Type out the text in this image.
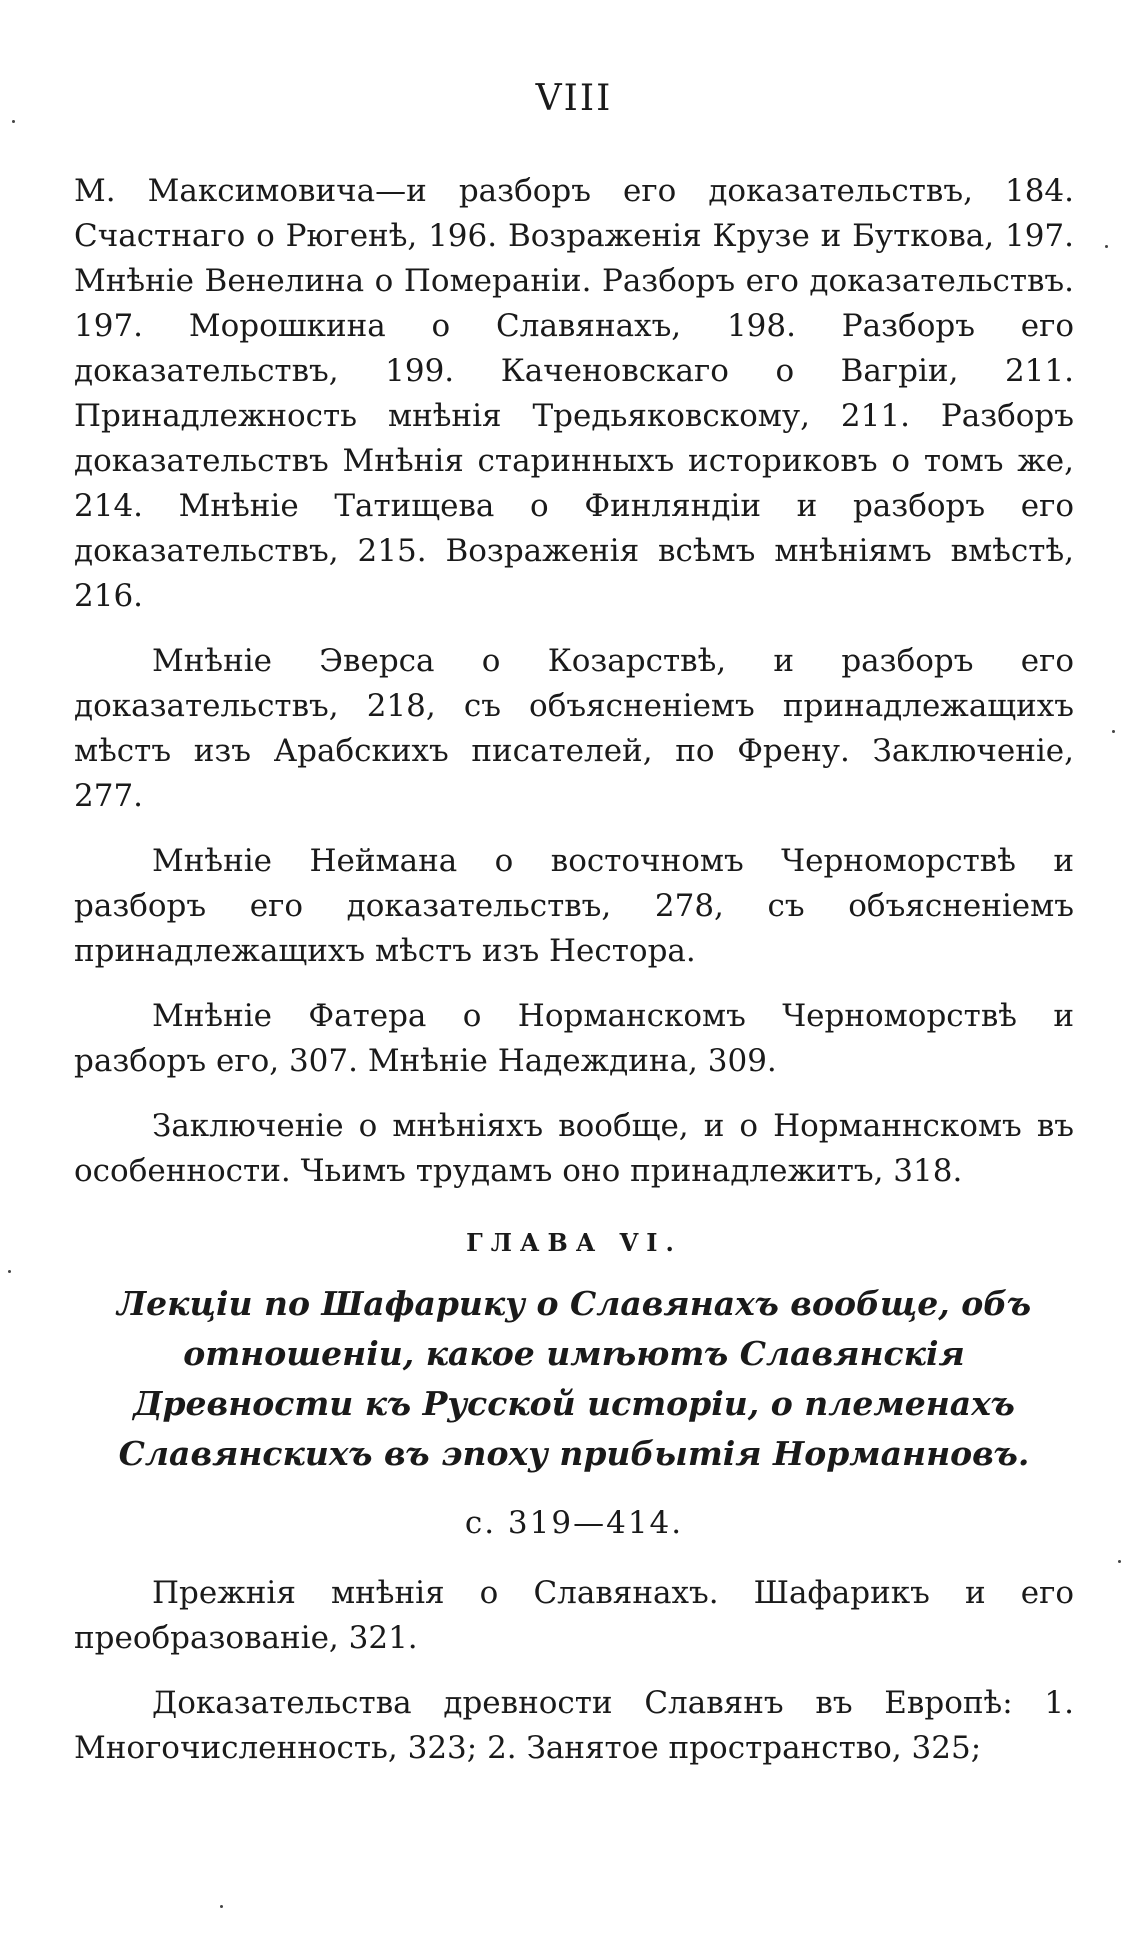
VIII

М. Максимовича—и разборъ его доказательствъ, 184. Счастнаго о Рюгенѣ, 196. Возраженія Крузе и Буткова, 197. Мнѣніе Венелина о Помераніи. Разборъ его доказательствъ. 197. Морошкина о Славянахъ, 198. Разборъ его доказательствъ, 199. Каченовскаго о Вагріи, 211. Принадлежность мнѣнія Тредьяковскому, 211. Разборъ доказательствъ Мнѣнія старинныхъ историковъ о томъ же, 214. Мнѣніе Татищева о Финляндіи и разборъ его доказательствъ, 215. Возраженія всѣмъ мнѣніямъ вмѣстѣ, 216.

Мнѣніе Эверса о Козарствѣ, и разборъ его доказательствъ, 218, съ объясненіемъ принадлежащихъ мѣстъ изъ Арабскихъ писателей, по Френу. Заключеніе, 277.

Мнѣніе Неймана о восточномъ Черноморствѣ и разборъ его доказательствъ, 278, съ объясненіемъ принадлежащихъ мѣстъ изъ Нестора.

Мнѣніе Фатера о Норманскомъ Черноморствѣ и разборъ его, 307. Мнѣніе Надеждина, 309.

Заключеніе о мнѣніяхъ вообще, и о Норманнскомъ въ особенности. Чьимъ трудамъ оно принадлежитъ, 318.

ГЛАВА VI.
Лекціи по Шафарику о Славянахъ вообще, объ отношеніи, какое имѣютъ Славянскія Древности къ Русской исторіи, о племенахъ Славянскихъ въ эпоху прибытія Норманновъ.
с. 319—414.

Прежнія мнѣнія о Славянахъ. Шафарикъ и его преобразованіе, 321.

Доказательства древности Славянъ въ Европѣ: 1. Многочисленность, 323; 2. Занятое пространство, 325;
